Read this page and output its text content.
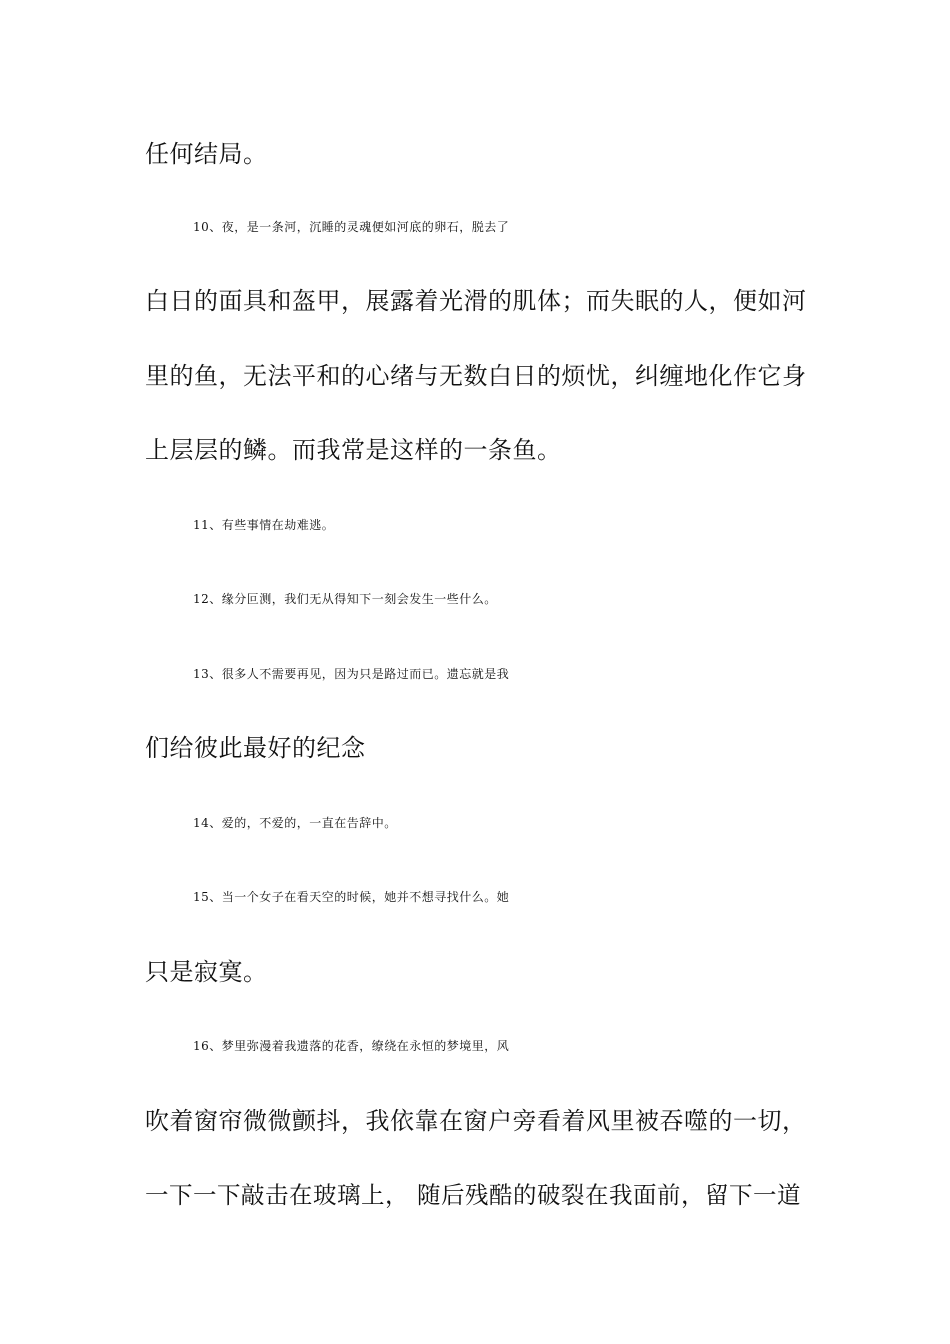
任何结局。
10、夜，是一条河，沉睡的灵魂便如河底的卵石，脱去了
白日的面具和盔甲，展露着光滑的肌体；而失眠的人，便如河
里的鱼，无法平和的心绪与无数白日的烦忧，纠缠地化作它身
上层层的鳞。而我常是这样的一条鱼。
11、有些事情在劫难逃。
12、缘分叵测，我们无从得知下一刻会发生一些什么。
13、很多人不需要再见，因为只是路过而已。遗忘就是我
们给彼此最好的纪念
14、爱的，不爱的，一直在告辞中。
15、当一个女子在看天空的时候，她并不想寻找什么。她
只是寂寞。
16、梦里弥漫着我遗落的花香，缭绕在永恒的梦境里，风
吹着窗帘微微颤抖，我依靠在窗户旁看着风里被吞噬的一切，
一下一下敲击在玻璃上， 随后残酷的破裂在我面前，留下一道
